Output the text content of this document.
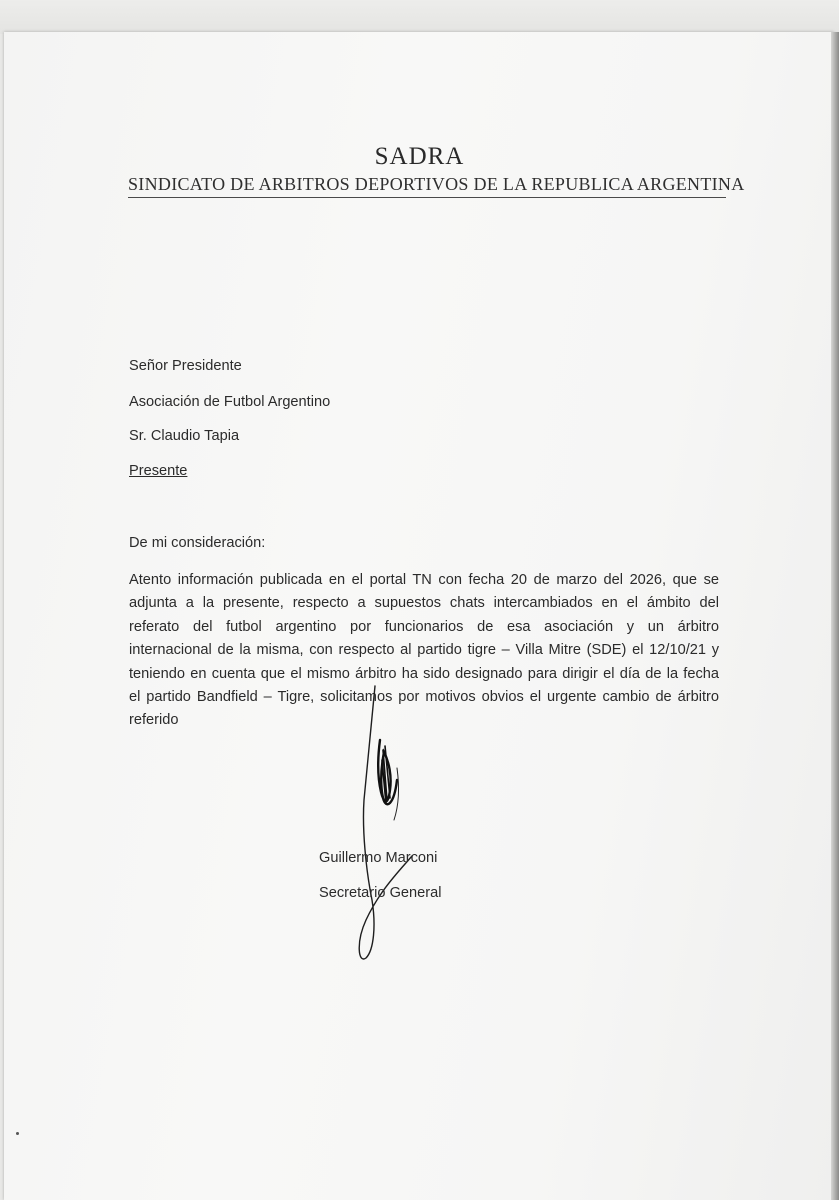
SADRA
SINDICATO DE ARBITROS DEPORTIVOS DE LA REPUBLICA ARGENTINA
Señor Presidente
Asociación de Futbol Argentino
Sr. Claudio Tapia
Presente
De mi consideración:
Atento información publicada en el portal TN con fecha 20 de marzo del 2026, que se
adjunta a la presente, respecto a supuestos chats intercambiados en el ámbito del
referato del futbol argentino por funcionarios de esa asociación y un árbitro
internacional de la misma, con respecto al partido tigre – Villa Mitre (SDE) el 12/10/21 y
teniendo en cuenta que el mismo árbitro ha sido designado para dirigir el día de la fecha
el partido Bandfield – Tigre, solicitamos por motivos obvios el urgente cambio de árbitro
referido
Guillermo Marconi
Secretario General
